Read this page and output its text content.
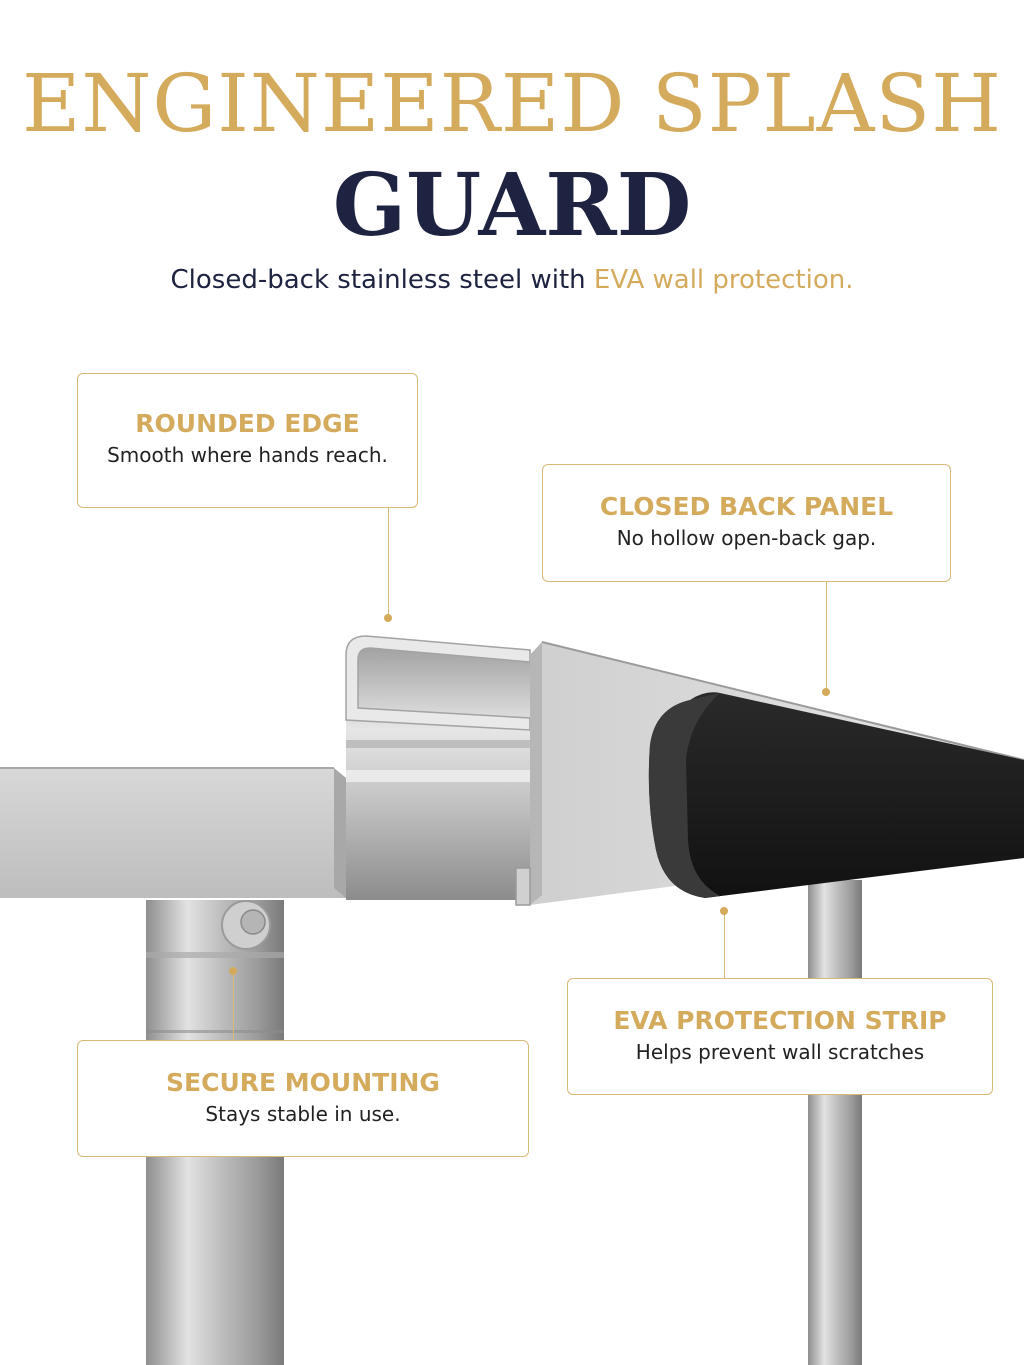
ENGINEERED SPLASH
GUARD
Closed-back stainless steel with EVA wall protection.
ROUNDED EDGE
Smooth where hands reach.
CLOSED BACK PANEL
No hollow open-back gap.
EVA PROTECTION STRIP
Helps prevent wall scratches
SECURE MOUNTING
Stays stable in use.
